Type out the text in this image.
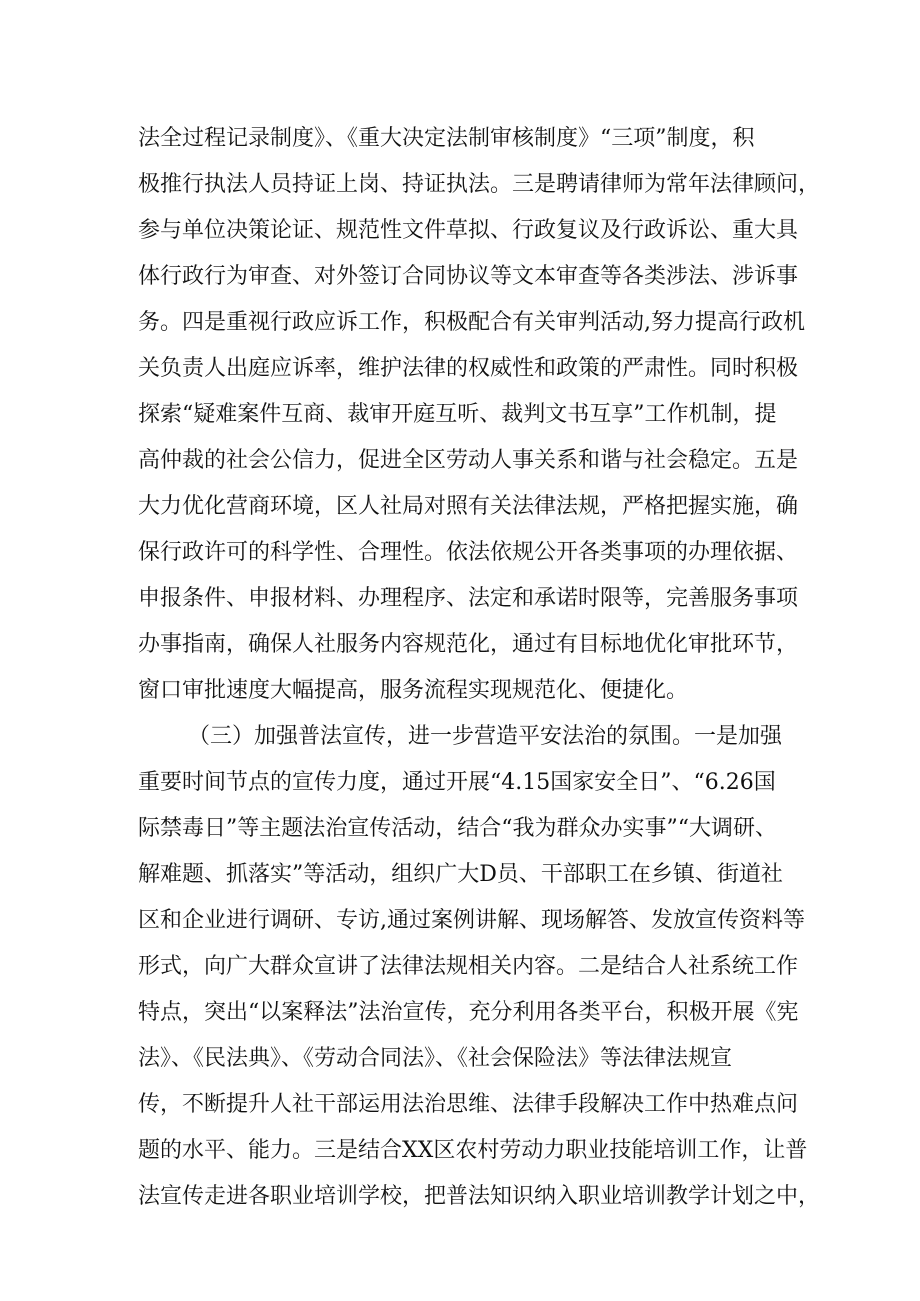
法全过程记录制度》、《重大决定法制审核制度》“三项”制度，积
极推行执法人员持证上岗、持证执法。三是聘请律师为常年法律顾问，
参与单位决策论证、规范性文件草拟、行政复议及行政诉讼、重大具
体行政行为审查、对外签订合同协议等文本审查等各类涉法、涉诉事
务。四是重视行政应诉工作，积极配合有关审判活动,努力提高行政机
关负责人出庭应诉率，维护法律的权威性和政策的严肃性。同时积极
探索“疑难案件互商、裁审开庭互听、裁判文书互享”工作机制，提
高仲裁的社会公信力，促进全区劳动人事关系和谐与社会稳定。五是
大力优化营商环境，区人社局对照有关法律法规，严格把握实施，确
保行政许可的科学性、合理性。依法依规公开各类事项的办理依据、
申报条件、申报材料、办理程序、法定和承诺时限等，完善服务事项
办事指南，确保人社服务内容规范化，通过有目标地优化审批环节，
窗口审批速度大幅提高，服务流程实现规范化、便捷化。
（三）加强普法宣传，进一步营造平安法治的氛围。一是加强
重要时间节点的宣传力度，通过开展“4.15国家安全日”、“6.26国
际禁毒日”等主题法治宣传活动，结合“我为群众办实事”“大调研、
解难题、抓落实”等活动，组织广大D员、干部职工在乡镇、街道社
区和企业进行调研、专访,通过案例讲解、现场解答、发放宣传资料等
形式，向广大群众宣讲了法律法规相关内容。二是结合人社系统工作
特点，突出“以案释法”法治宣传，充分利用各类平台，积极开展《宪
法》、《民法典》、《劳动合同法》、《社会保险法》等法律法规宣
传，不断提升人社干部运用法治思维、法律手段解决工作中热难点问
题的水平、能力。三是结合XX区农村劳动力职业技能培训工作，让普
法宣传走进各职业培训学校，把普法知识纳入职业培训教学计划之中，
